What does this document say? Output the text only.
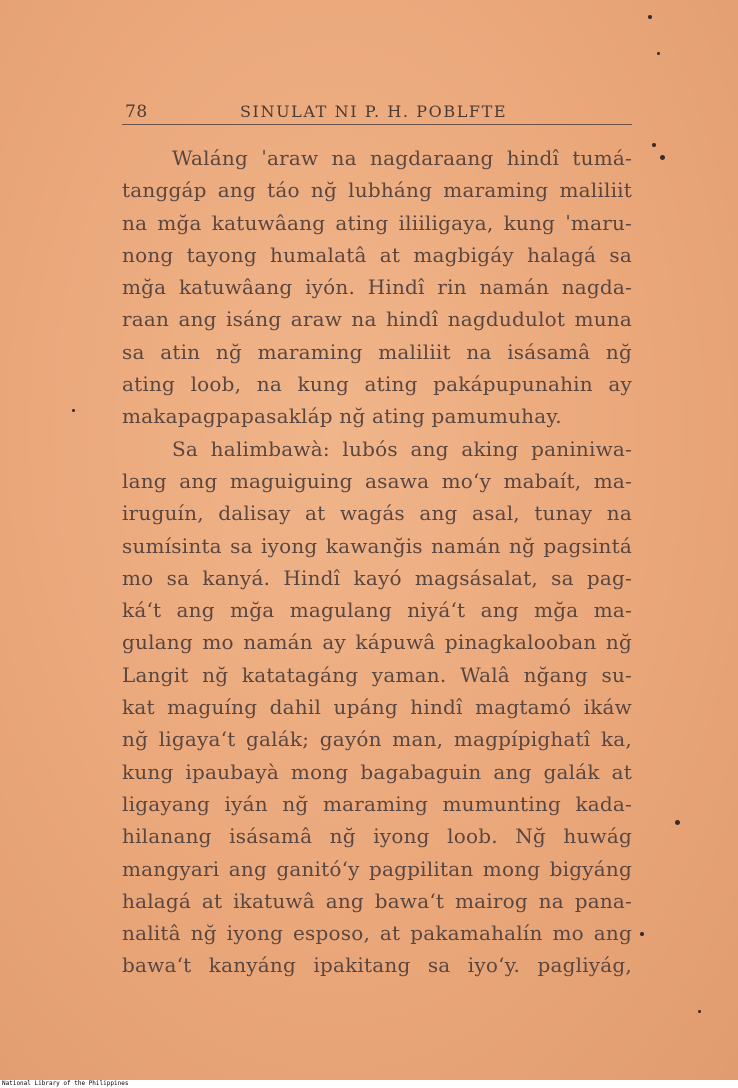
78	SINULAT NI P. H. POBLFTE
Waláng ˈaraw na nagdaraang hindî tumá-
tanggáp ang táo nğ lubháng maraming maliliit
na mğa katuwâang ating iliiligaya, kung ˈmaru-
nong tayong humalatâ at magbigáy halagá sa
mğa katuwâang iyón. Hindî rin namán nagda-
raan ang isáng araw na hindî nagdudulot muna
sa atin nğ maraming maliliit na isásamâ nğ
ating loob, na kung ating pakápupunahin ay
makapagpapasakláp nğ ating pamumuhay.
Sa halimbawà: lubós ang aking paniniwa-
lang ang maguiguing asawa mo‘y mabaít, ma-
iruguín, dalisay at wagás ang asal, tunay na
sumísinta sa iyong kawanğis namán nğ pagsintá
mo sa kanyá. Hindî kayó magsásalat, sa pag-
ká‘t ang mğa magulang niyá‘t ang mğa ma-
gulang mo namán ay kápuwâ pinagkalooban nğ
Langit nğ katatagáng yaman. Walâ nğang su-
kat maguíng dahil upáng hindî magtamó ikáw
nğ ligaya‘t galák; gayón man, magpípighatî ka,
kung ipaubayà mong bagabaguin ang galák at
ligayang iyán nğ maraming mumunting kada-
hilanang isásamâ nğ iyong loob. Nğ huwág
mangyari ang ganitó‘y pagpilitan mong bigyáng
halagá at ikatuwâ ang bawa‘t mairog na pana-
nalitâ nğ iyong esposo, at pakamahalín mo ang
bawa‘t kanyáng ipakitang sa iyo‘y. pagliyág,
National Library of the Philippines
